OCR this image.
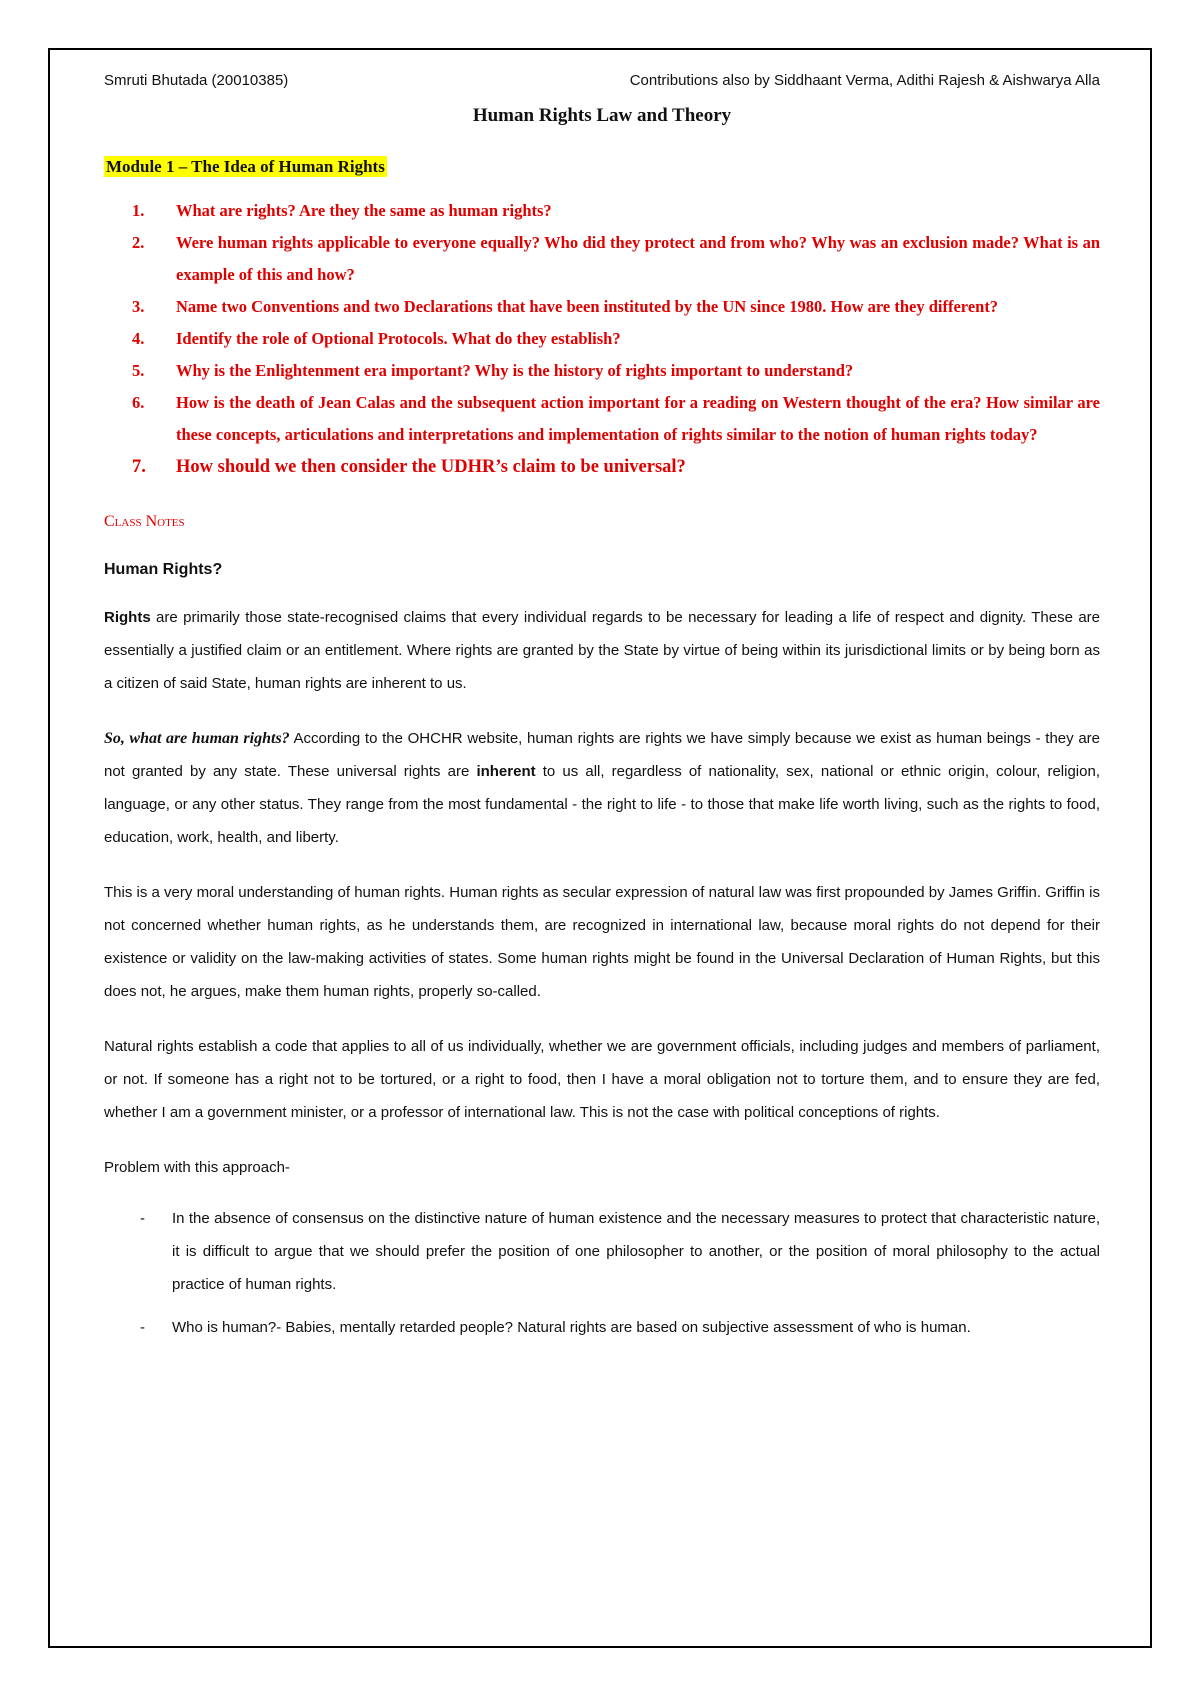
Smruti Bhutada (20010385)	Contributions also by Siddhaant Verma, Adithi Rajesh & Aishwarya Alla
Human Rights Law and Theory
Module 1 – The Idea of Human Rights
1.	What are rights? Are they the same as human rights?
2.	Were human rights applicable to everyone equally? Who did they protect and from who? Why was an exclusion made? What is an example of this and how?
3.	Name two Conventions and two Declarations that have been instituted by the UN since 1980. How are they different?
4.	Identify the role of Optional Protocols. What do they establish?
5.	Why is the Enlightenment era important? Why is the history of rights important to understand?
6.	How is the death of Jean Calas and the subsequent action important for a reading on Western thought of the era? How similar are these concepts, articulations and interpretations and implementation of rights similar to the notion of human rights today?
7.	How should we then consider the UDHR’s claim to be universal?
Class Notes
Human Rights?

Rights are primarily those state-recognised claims that every individual regards to be necessary for leading a life of respect and dignity. These are essentially a justified claim or an entitlement. Where rights are granted by the State by virtue of being within its jurisdictional limits or by being born as a citizen of said State, human rights are inherent to us.

So, what are human rights? According to the OHCHR website, human rights are rights we have simply because we exist as human beings - they are not granted by any state. These universal rights are inherent to us all, regardless of nationality, sex, national or ethnic origin, colour, religion, language, or any other status. They range from the most fundamental - the right to life - to those that make life worth living, such as the rights to food, education, work, health, and liberty.

This is a very moral understanding of human rights. Human rights as secular expression of natural law was first propounded by James Griffin. Griffin is not concerned whether human rights, as he understands them, are recognized in international law, because moral rights do not depend for their existence or validity on the law-making activities of states. Some human rights might be found in the Universal Declaration of Human Rights, but this does not, he argues, make them human rights, properly so-called.

Natural rights establish a code that applies to all of us individually, whether we are government officials, including judges and members of parliament, or not. If someone has a right not to be tortured, or a right to food, then I have a moral obligation not to torture them, and to ensure they are fed, whether I am a government minister, or a professor of international law. This is not the case with political conceptions of rights.

Problem with this approach-

-	In the absence of consensus on the distinctive nature of human existence and the necessary measures to protect that characteristic nature, it is difficult to argue that we should prefer the position of one philosopher to another, or the position of moral philosophy to the actual practice of human rights.
-	Who is human?- Babies, mentally retarded people? Natural rights are based on subjective assessment of who is human.
